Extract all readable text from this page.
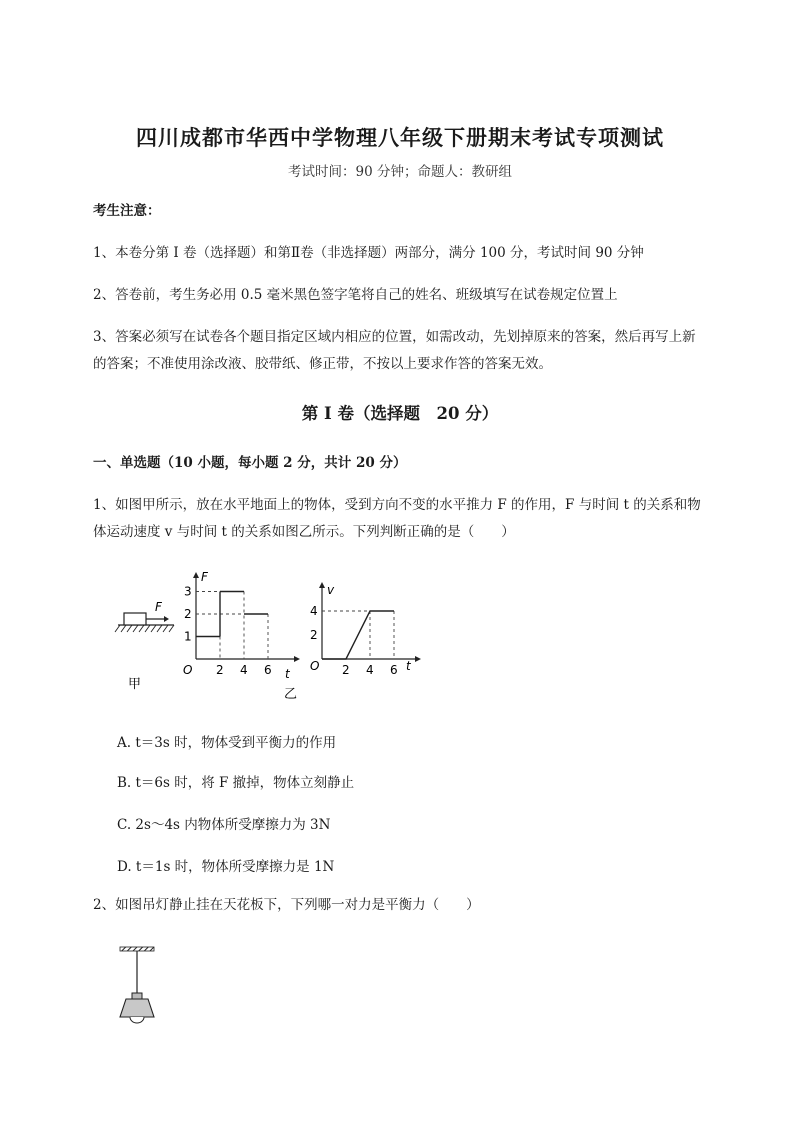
四川成都市华西中学物理八年级下册期末考试专项测试
考试时间：90 分钟；命题人：教研组
考生注意：
1、本卷分第 I 卷（选择题）和第Ⅱ卷（非选择题）两部分，满分 100 分，考试时间 90 分钟
2、答卷前，考生务必用 0.5 毫米黑色签字笔将自己的姓名、班级填写在试卷规定位置上
3、答案必须写在试卷各个题目指定区域内相应的位置，如需改动，先划掉原来的答案，然后再写上新
的答案；不准使用涂改液、胶带纸、修正带，不按以上要求作答的答案无效。
第 I 卷（选择题　20 分）
一、单选题（10 小题，每小题 2 分，共计 20 分）
1、如图甲所示，放在水平地面上的物体，受到方向不变的水平推力 F 的作用，F 与时间 t 的关系和物
体运动速度 v 与时间 t 的关系如图乙所示。下列判断正确的是（　　）
F
甲
F
t
O
1
2
3
2 4 6
乙
v
t
O
2
4
2 4 6
A. t＝3s 时，物体受到平衡力的作用
B. t＝6s 时，将 F 撤掉，物体立刻静止
C. 2s～4s 内物体所受摩擦力为 3N
D. t＝1s 时，物体所受摩擦力是 1N
2、如图吊灯静止挂在天花板下，下列哪一对力是平衡力（　　）
